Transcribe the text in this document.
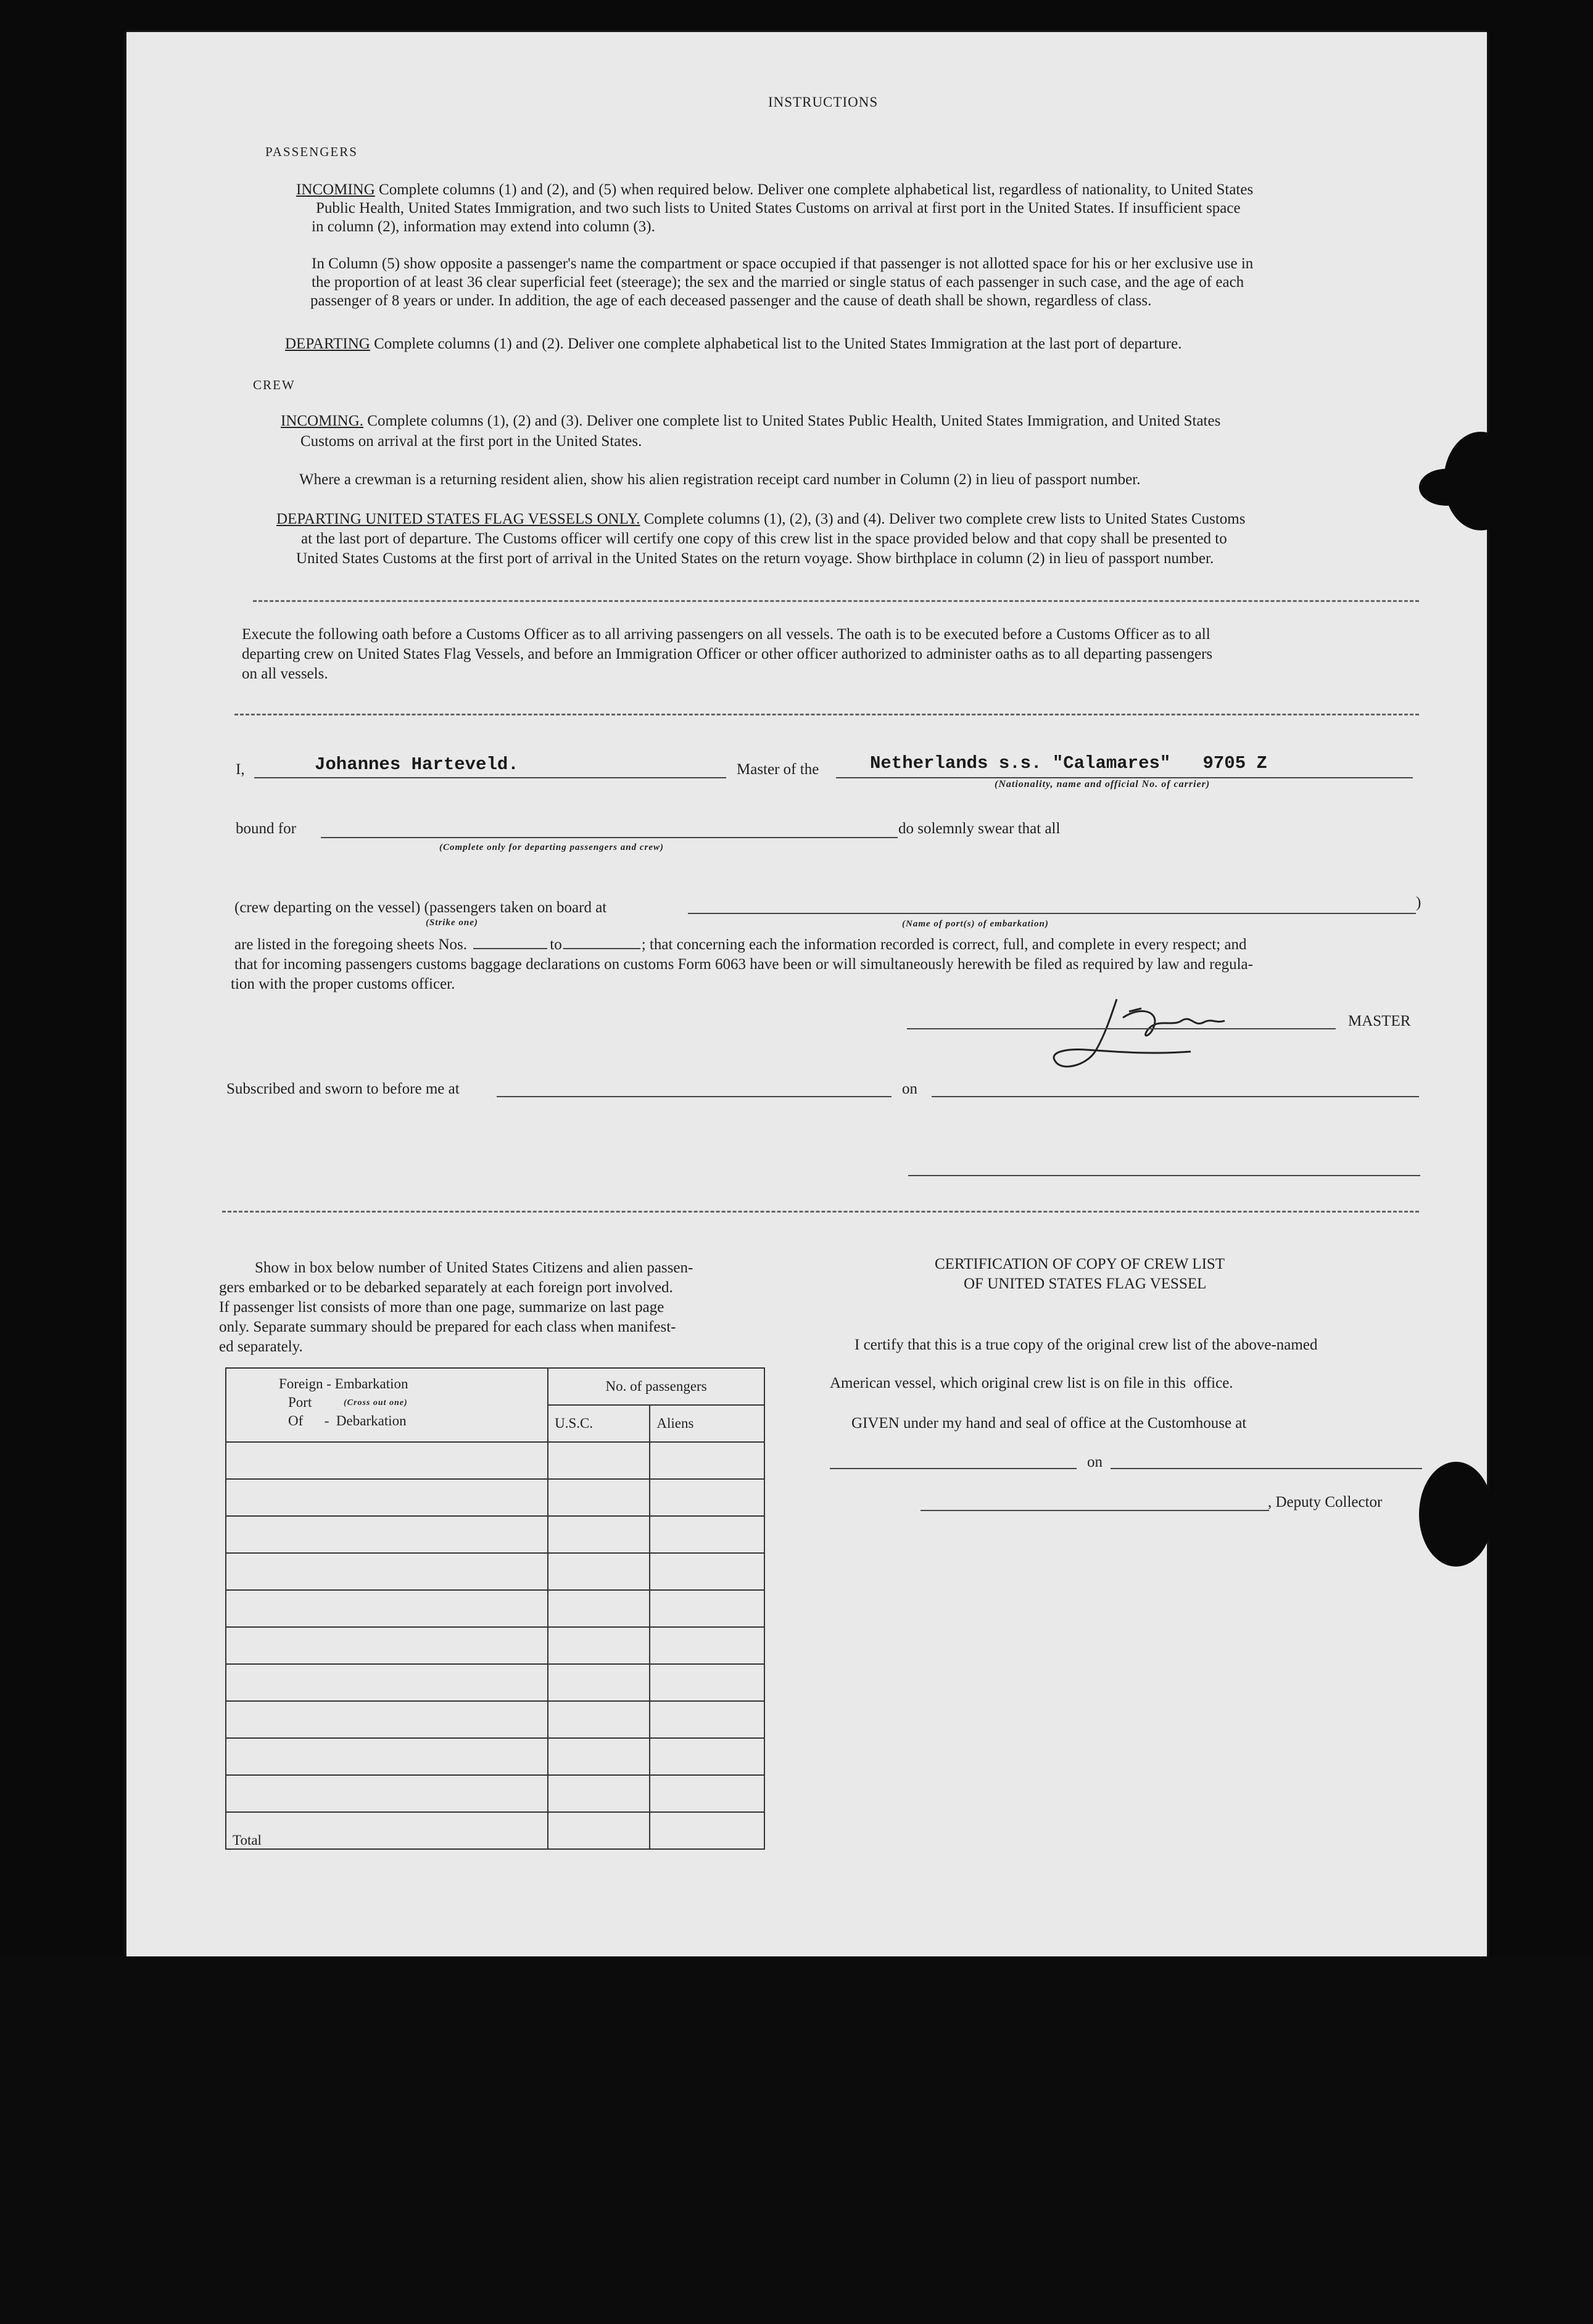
INSTRUCTIONS
PASSENGERS
INCOMING Complete columns (1) and (2), and (5) when required below. Deliver one complete alphabetical list, regardless of nationality, to United States
Public Health, United States Immigration, and two such lists to United States Customs on arrival at first port in the United States. If insufficient space
in column (2), information may extend into column (3).
In Column (5) show opposite a passenger's name the compartment or space occupied if that passenger is not allotted space for his or her exclusive use in
the proportion of at least 36 clear superficial feet (steerage); the sex and the married or single status of each passenger in such case, and the age of each
passenger of 8 years or under. In addition, the age of each deceased passenger and the cause of death shall be shown, regardless of class.
DEPARTING Complete columns (1) and (2). Deliver one complete alphabetical list to the United States Immigration at the last port of departure.
CREW
INCOMING. Complete columns (1), (2) and (3). Deliver one complete list to United States Public Health, United States Immigration, and United States
Customs on arrival at the first port in the United States.
Where a crewman is a returning resident alien, show his alien registration receipt card number in Column (2) in lieu of passport number.
DEPARTING UNITED STATES FLAG VESSELS ONLY. Complete columns (1), (2), (3) and (4). Deliver two complete crew lists to United States Customs
at the last port of departure. The Customs officer will certify one copy of this crew list in the space provided below and that copy shall be presented to
United States Customs at the first port of arrival in the United States on the return voyage. Show birthplace in column (2) in lieu of passport number.
Execute the following oath before a Customs Officer as to all arriving passengers on all vessels. The oath is to be executed before a Customs Officer as to all
departing crew on United States Flag Vessels, and before an Immigration Officer or other officer authorized to administer oaths as to all departing passengers
on all vessels.
I,	Johannes Harteveld.	Master of the	Netherlands s.s. "Calamares"   9705 Z
(Nationality, name and official No. of carrier)
bound for
(Complete only for departing passengers and crew)
do solemnly swear that all
(crew departing on the vessel) (passengers taken on board at
(Strike one)	(Name of port(s) of embarkation)
)
are listed in the foregoing sheets Nos.	to	; that concerning each the information recorded is correct, full, and complete in every respect; and
that for incoming passengers customs baggage declarations on customs Form 6063 have been or will simultaneously herewith be filed as required by law and regula-
tion with the proper customs officer.
MASTER
Subscribed and sworn to before me at	on
Show in box below number of United States Citizens and alien passen-
gers embarked or to be debarked separately at each foreign port involved.
If passenger list consists of more than one page, summarize on last page
only. Separate summary should be prepared for each class when manifest-
ed separately.
Foreign - Embarkation
Port (Cross out one)
Of      -  Debarkation	No. of passengers	
	U.S.C.	Aliens

Total		
CERTIFICATION OF COPY OF CREW LIST
OF UNITED STATES FLAG VESSEL
I certify that this is a true copy of the original crew list of the above-named
American vessel, which original crew list is on file in this  office.
GIVEN under my hand and seal of office at the Customhouse at
on
, Deputy Collector
